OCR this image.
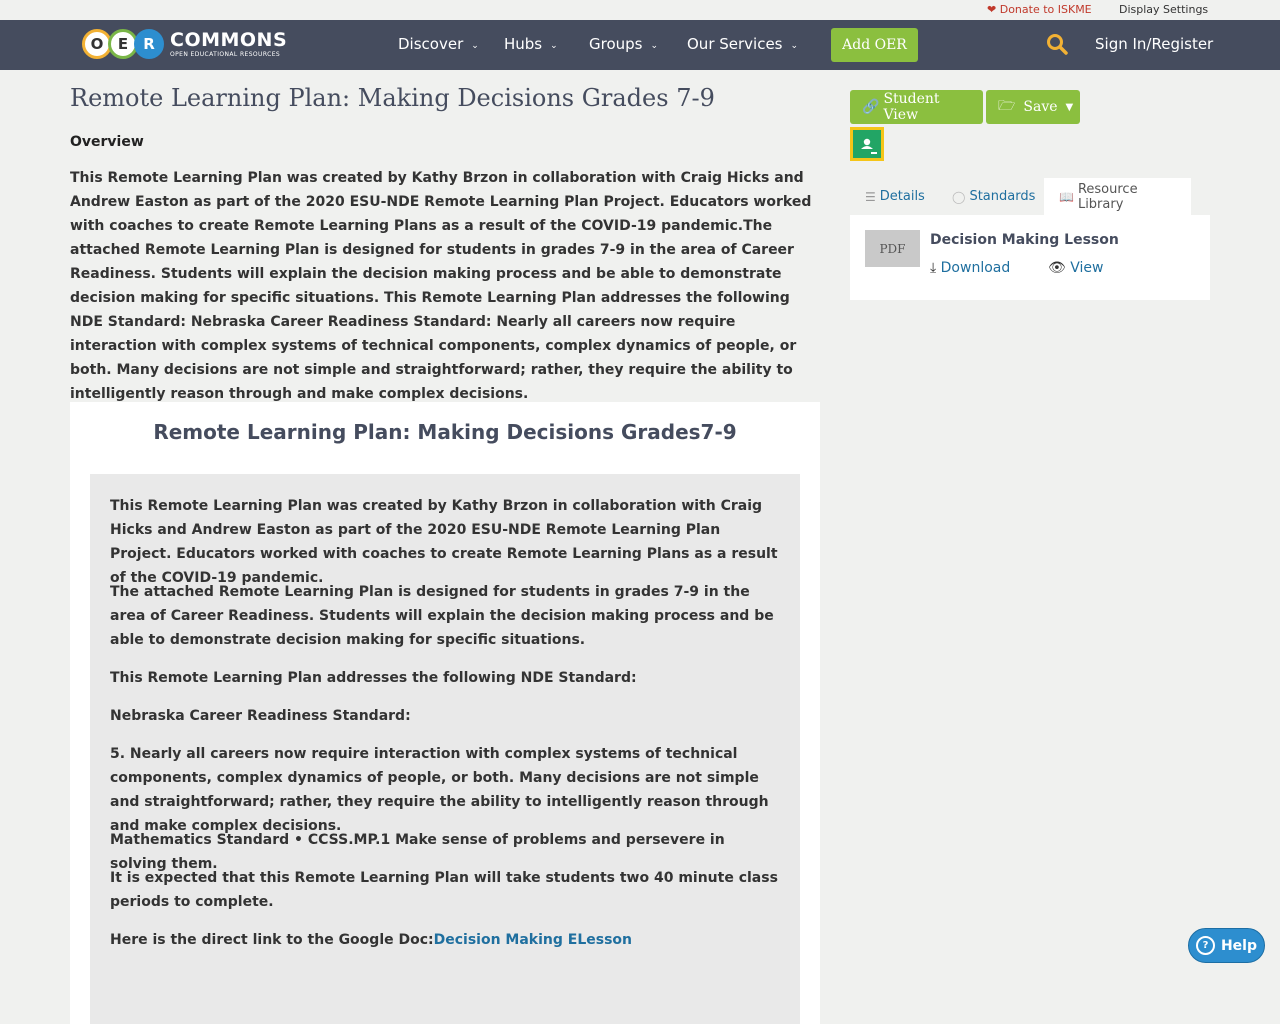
❤ Donate to ISKME Display Settings
O E	R COMMONS
OPEN EDUCATIONAL RESOURCES
Discover ⌄ Hubs ⌄ Groups ⌄ Our Services ⌄	Add OER	Sign In/Register
Remote Learning Plan: Making Decisions Grades 7-9
Overview

This Remote Learning Plan was created by Kathy Brzon in collaboration with Craig Hicks and Andrew Easton as part of the 2020 ESU-NDE Remote Learning Plan Project. Educators worked with coaches to create Remote Learning Plans as a result of the COVID-19 pandemic.The attached Remote Learning Plan is designed for students in grades 7-9 in the area of Career Readiness. Students will explain the decision making process and be able to demonstrate decision making for specific situations. This Remote Learning Plan addresses the following NDE Standard: Nebraska Career Readiness Standard: Nearly all careers now require interaction with complex systems of technical components, complex dynamics of people, or both. Many decisions are not simple and straightforward; rather, they require the ability to intelligently reason through and make complex decisions.

Remote Learning Plan: Making Decisions Grades7-9

This Remote Learning Plan was created by Kathy Brzon in collaboration with Craig Hicks and Andrew Easton as part of the 2020 ESU-NDE Remote Learning Plan Project. Educators worked with coaches to create Remote Learning Plans as a result of the COVID-19 pandemic.

The attached Remote Learning Plan is designed for students in grades 7-9 in the area of Career Readiness. Students will explain the decision making process and be able to demonstrate decision making for specific situations.

This Remote Learning Plan addresses the following NDE Standard:

Nebraska Career Readiness Standard:

5. Nearly all careers now require interaction with complex systems of technical components, complex dynamics of people, or both. Many decisions are not simple and straightforward; rather, they require the ability to intelligently reason through and make complex decisions.

Mathematics Standard • CCSS.MP.1 Make sense of problems and persevere in solving them.

It is expected that this Remote Learning Plan will take students two 40 minute class periods to complete.

Here is the direct link to the Google Doc:Decision Making ELesson

🔗 Student View
🗁 Save ▼
☰ Details ◯ Standards 📖 Resource Library
PDF
Decision Making Lesson
⤓ Download	👁 View
? Help
